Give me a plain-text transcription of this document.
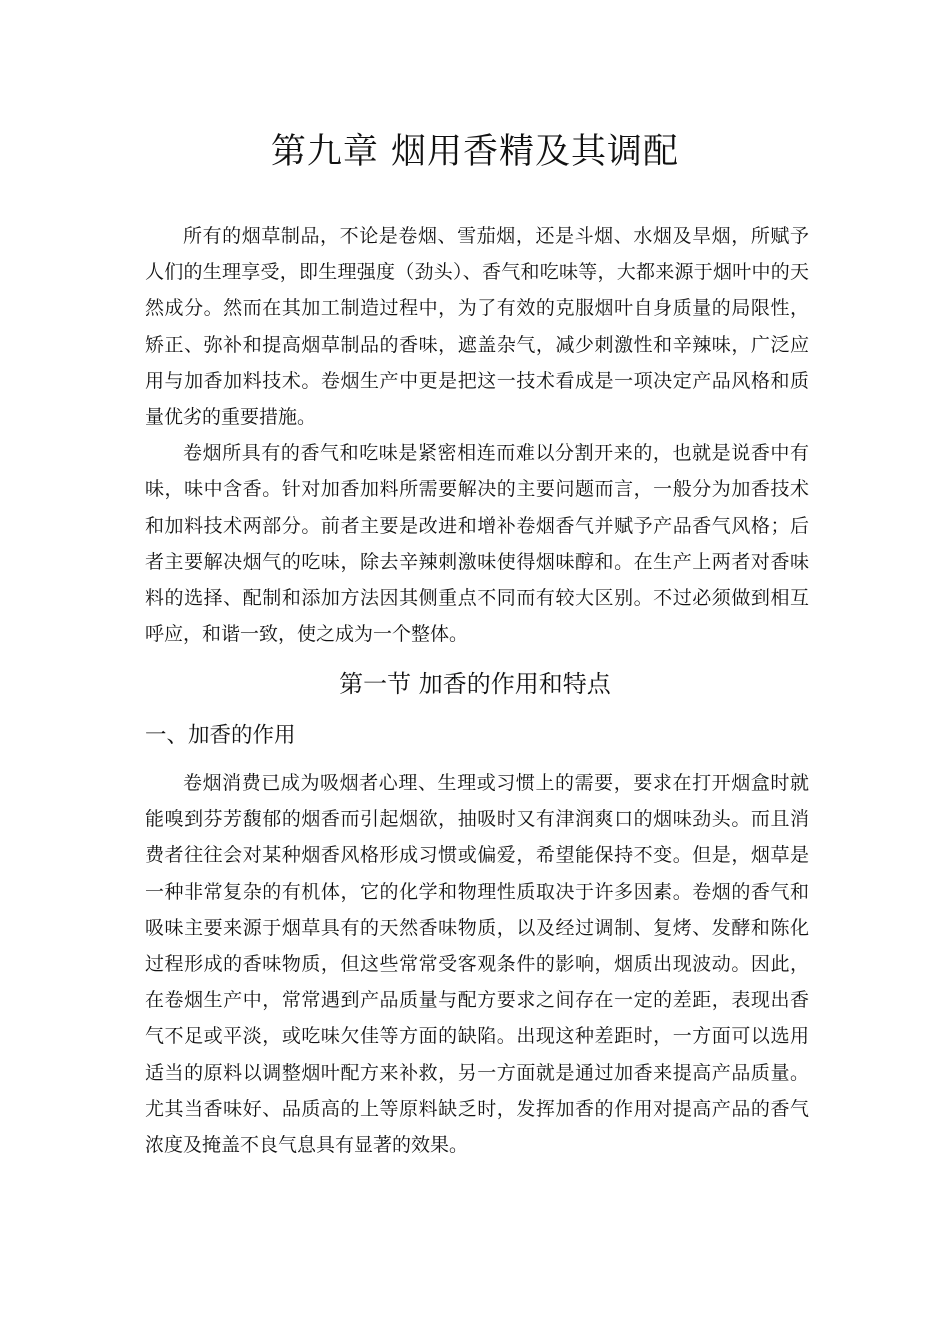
第九章 烟用香精及其调配

所有的烟草制品，不论是卷烟、雪茄烟，还是斗烟、水烟及旱烟，所赋予人们的生理享受，即生理强度（劲头）、香气和吃味等，大都来源于烟叶中的天然成分。然而在其加工制造过程中，为了有效的克服烟叶自身质量的局限性，矫正、弥补和提高烟草制品的香味，遮盖杂气，减少刺激性和辛辣味，广泛应用与加香加料技术。卷烟生产中更是把这一技术看成是一项决定产品风格和质量优劣的重要措施。

卷烟所具有的香气和吃味是紧密相连而难以分割开来的，也就是说香中有味，味中含香。针对加香加料所需要解决的主要问题而言，一般分为加香技术和加料技术两部分。前者主要是改进和增补卷烟香气并赋予产品香气风格；后者主要解决烟气的吃味，除去辛辣刺激味使得烟味醇和。在生产上两者对香味料的选择、配制和添加方法因其侧重点不同而有较大区别。不过必须做到相互呼应，和谐一致，使之成为一个整体。

第一节 加香的作用和特点
一、加香的作用

卷烟消费已成为吸烟者心理、生理或习惯上的需要，要求在打开烟盒时就能嗅到芬芳馥郁的烟香而引起烟欲，抽吸时又有津润爽口的烟味劲头。而且消费者往往会对某种烟香风格形成习惯或偏爱，希望能保持不变。但是，烟草是一种非常复杂的有机体，它的化学和物理性质取决于许多因素。卷烟的香气和吸味主要来源于烟草具有的天然香味物质，以及经过调制、复烤、发酵和陈化过程形成的香味物质，但这些常常受客观条件的影响，烟质出现波动。因此，在卷烟生产中，常常遇到产品质量与配方要求之间存在一定的差距，表现出香气不足或平淡，或吃味欠佳等方面的缺陷。出现这种差距时，一方面可以选用适当的原料以调整烟叶配方来补救，另一方面就是通过加香来提高产品质量。尤其当香味好、品质高的上等原料缺乏时，发挥加香的作用对提高产品的香气浓度及掩盖不良气息具有显著的效果。
